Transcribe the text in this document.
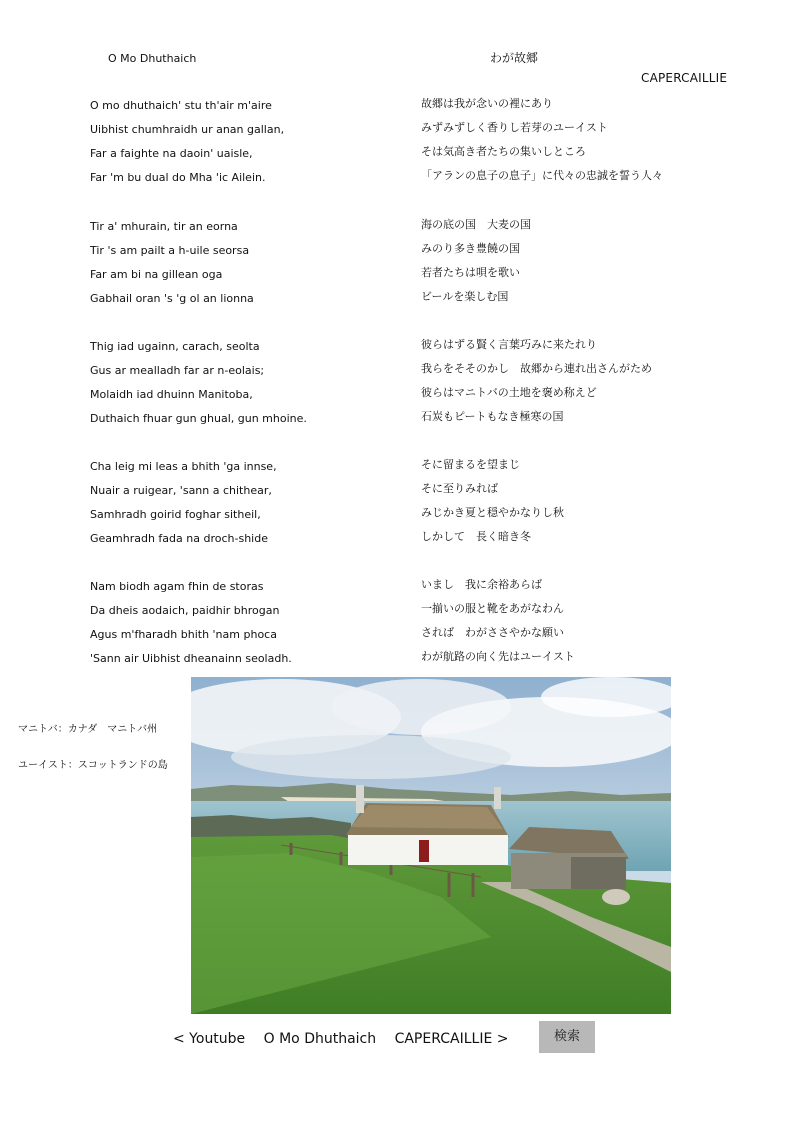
O Mo Dhuthaich	わが故郷
CAPERCAILLIE
O mo dhuthaich' stu th'air m'aire
Uibhist chumhraidh ur anan gallan,
Far a faighte na daoin' uaisle,
Far 'm bu dual do Mha 'ic Ailein.
Tir a' mhurain, tir an eorna
Tir 's am pailt a h-uile seorsa
Far am bi na gillean oga
Gabhail oran 's 'g ol an lionna
Thig iad ugainn, carach, seolta
Gus ar mealladh far ar n-eolais;
Molaidh iad dhuinn Manitoba,
Duthaich fhuar gun ghual, gun mhoine.
Cha leig mi leas a bhith 'ga innse,
Nuair a ruigear, 'sann a chithear,
Samhradh goirid foghar sitheil,
Geamhradh fada na droch-shide
Nam biodh agam fhin de storas
Da dheis aodaich, paidhir bhrogan
Agus m'fharadh bhith 'nam phoca
'Sann air Uibhist dheanainn seoladh.
故郷は我が念いの裡にあり
みずみずしく香りし若芽のユーイスト
そは気高き者たちの集いしところ
「アランの息子の息子」に代々の忠誠を誓う人々
海の底の国　大麦の国
みのり多き豊饒の国
若者たちは唄を歌い
ビールを楽しむ国
彼らはずる賢く言葉巧みに来たれり
我らをそそのかし　故郷から連れ出さんがため
彼らはマニトバの土地を褒め称えど
石炭もピートもなき極寒の国
そに留まるを望まじ
そに至りみれば
みじかき夏と穏やかなりし秋
しかして　長く暗き冬
いまし　我に余裕あらば
一揃いの服と靴をあがなわん
されば　わがささやかな願い
わが航路の向く先はユーイスト
マニトバ：カナダ　マニトバ州
ユーイスト：スコットランドの島
< Youtube　 O Mo Dhuthaich　 CAPERCAILLIE >	検索
